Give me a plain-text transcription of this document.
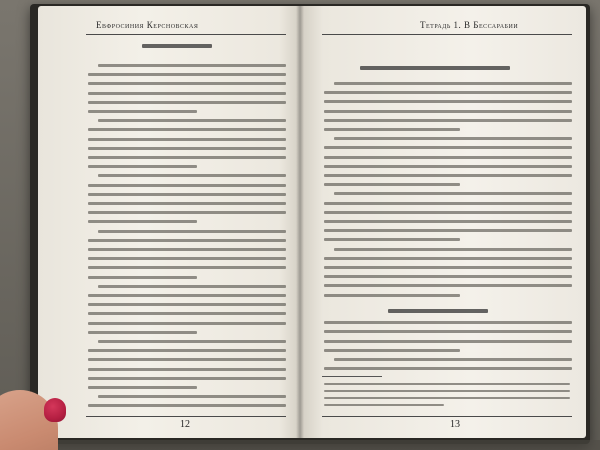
Евфросиния Керсновская
12
Тетрадь 1. В Бессарабии
13
